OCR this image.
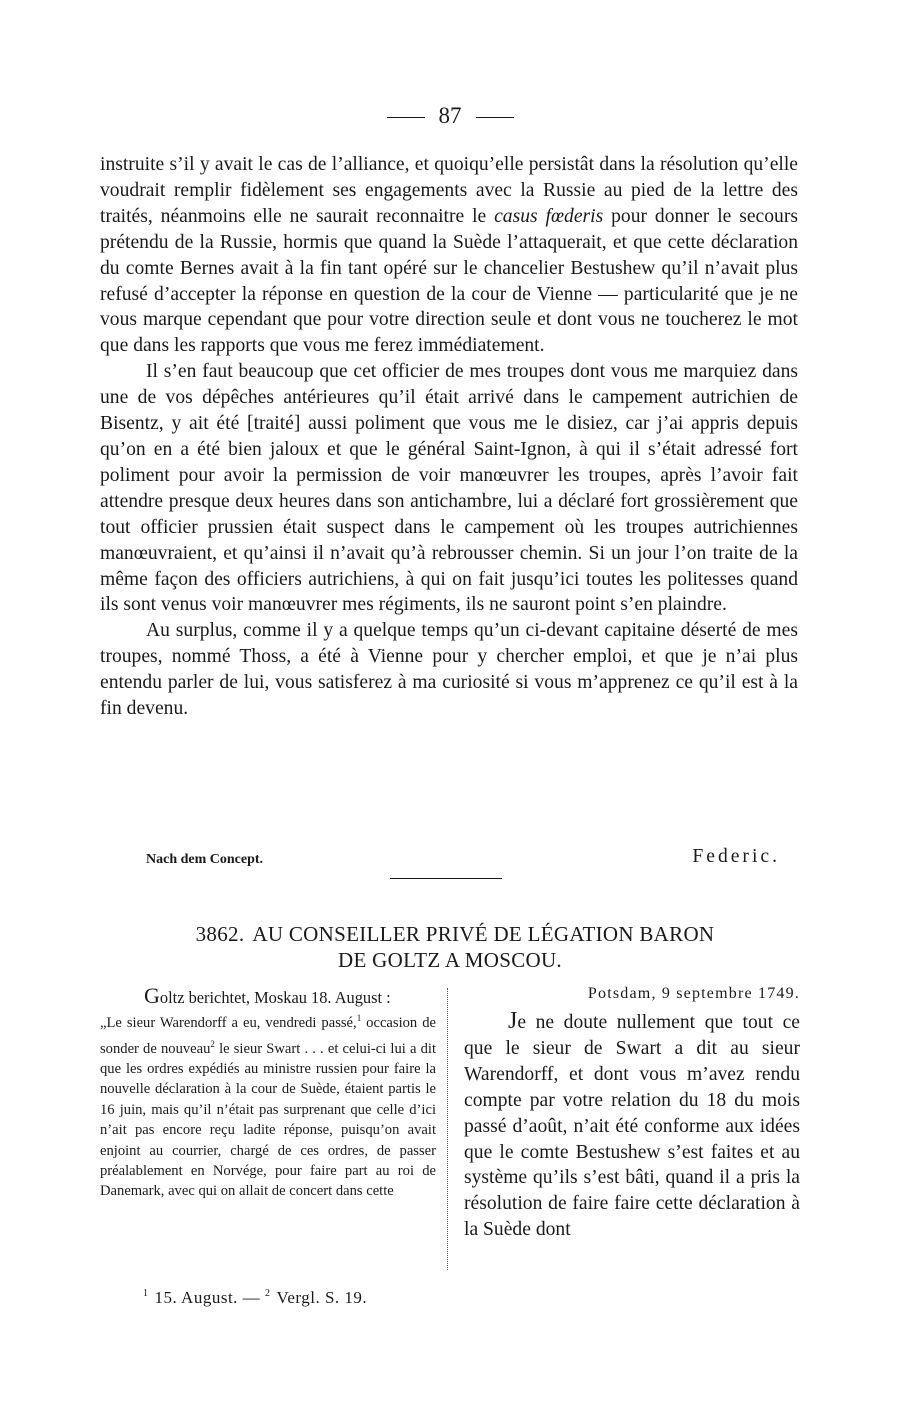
87

instruite s’il y avait le cas de l’alliance, et quoiqu’elle persistât dans la résolution qu’elle voudrait remplir fidèlement ses engagements avec la Russie au pied de la lettre des traités, néanmoins elle ne saurait reconnaitre le casus fœderis pour donner le secours prétendu de la Russie, hormis que quand la Suède l’attaquerait, et que cette déclaration du comte Bernes avait à la fin tant opéré sur le chancelier Bestushew qu’il n’avait plus refusé d’accepter la réponse en question de la cour de Vienne — particularité que je ne vous marque cependant que pour votre direction seule et dont vous ne toucherez le mot que dans les rapports que vous me ferez immédiatement.

Il s’en faut beaucoup que cet officier de mes troupes dont vous me marquiez dans une de vos dépêches antérieures qu’il était arrivé dans le campement autrichien de Bisentz, y ait été [traité] aussi poliment que vous me le disiez, car j’ai appris depuis qu’on en a été bien jaloux et que le général Saint-Ignon, à qui il s’était adressé fort poliment pour avoir la permission de voir manœuvrer les troupes, après l’avoir fait attendre presque deux heures dans son antichambre, lui a déclaré fort grossièrement que tout officier prussien était suspect dans le campement où les troupes autrichiennes manœuvraient, et qu’ainsi il n’avait qu’à rebrousser chemin. Si un jour l’on traite de la même façon des officiers autrichiens, à qui on fait jusqu’ici toutes les politesses quand ils sont venus voir manœuvrer mes régiments, ils ne sauront point s’en plaindre.

Au surplus, comme il y a quelque temps qu’un ci-devant capitaine déserté de mes troupes, nommé Thoss, a été à Vienne pour y chercher emploi, et que je n’ai plus entendu parler de lui, vous satisferez à ma curiosité si vous m’apprenez ce qu’il est à la fin devenu.

Nach dem Concept.	Federic.
3862. AU CONSEILLER PRIVÉ DE LÉGATION BARON
DE GOLTZ A MOSCOU.
Goltz berichtet, Moskau 18. August :
„Le sieur Warendorff a eu, vendredi passé,$^1$ occasion de sonder de nouveau$^2$ le sieur Swart . . . et celui-ci lui a dit que les ordres expédiés au ministre russien pour faire la nouvelle déclaration à la cour de Suède, étaient partis le 16 juin, mais qu’il n’était pas surprenant que celle d’ici n’ait pas encore reçu ladite réponse, puisqu’on avait enjoint au courrier, chargé de ces ordres, de passer préalablement en Norvége, pour faire part au roi de Danemark, avec qui on allait de concert dans cette
Potsdam, 9 septembre 1749.

Je ne doute nullement que tout ce que le sieur de Swart a dit au sieur Warendorff, et dont vous m’avez rendu compte par votre relation du 18 du mois passé d’août, n’ait été conforme aux idées que le comte Bestushew s’est faites et au système qu’ils s’est bâti, quand il a pris la résolution de faire faire cette déclaration à la Suède dont

$^1$ 15. August. — $^2$ Vergl. S. 19.
